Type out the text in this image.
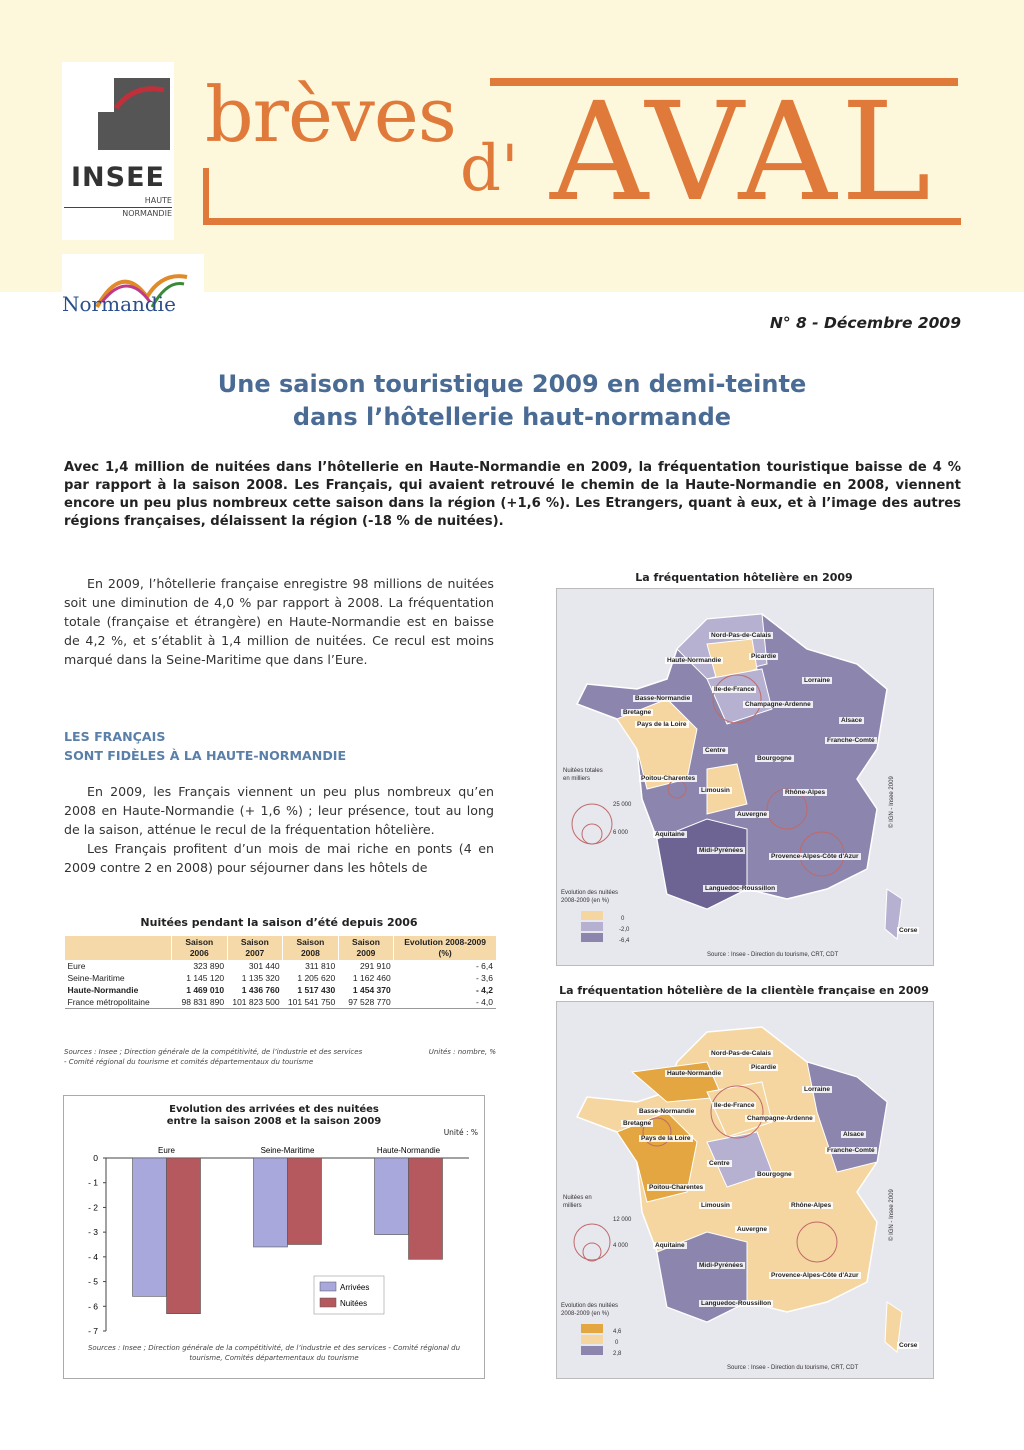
INSEE
HAUTE
NORMANDIE
Normandie
brèves
d' AVAL
N° 8 - Décembre 2009
Une saison touristique 2009 en demi-teinte
dans l’hôtellerie haut-normande
Avec 1,4 million de nuitées dans l’hôtellerie en Haute-Normandie en 2009, la fréquentation touristique baisse de 4 % par rapport à la saison 2008. Les Français, qui avaient retrouvé le chemin de la Haute-Normandie en 2008, viennent encore un peu plus nombreux cette saison dans la région (+1,6 %). Les Etrangers, quant à eux, et à l’image des autres régions françaises, délaissent la région (-18 % de nuitées).

En 2009, l’hôtellerie française enregistre 98 millions de nuitées soit une diminution de 4,0 % par rapport à 2008. La fréquentation totale (française et étrangère) en Haute-Normandie est en baisse de 4,2 %, et s’établit à 1,4 million de nuitées. Ce recul est moins marqué dans la Seine-Maritime que dans l’Eure.

LES FRANÇAIS
SONT FIDÈLES À LA HAUTE-NORMANDIE

En 2009, les Français viennent un peu plus nombreux qu’en 2008 en Haute-Normandie (+ 1,6 %) ; leur présence, tout au long de la saison, atténue le recul de la fréquentation hôtelière.

Les Français profitent d’un mois de mai riche en ponts (4 en 2009 contre 2 en 2008) pour séjourner dans les hôtels de

Nuitées pendant la saison d’été depuis 2006
	Saison 2006	Saison 2007	Saison 2008	Saison 2009	Evolution 2008-2009 (%)
Eure	323 890	301 440	311 810	291 910	- 6,4
Seine-Maritime	1 145 120	1 135 320	1 205 620	1 162 460	- 3,6
Haute-Normandie	1 469 010	1 436 760	1 517 430	1 454 370	- 4,2
France métropolitaine	98 831 890	101 823 500	101 541 750	97 528 770	- 4,0
Sources : Insee ; Direction générale de la compétitivité, de l’industrie et des services - Comité régional du tourisme et comités départementaux du tourisme
Unités : nombre, %
Evolution des arrivées et des nuitées entre la saison 2008 et la saison 2009
Unité : %
0
- 1
- 2
- 3
- 4
- 5
- 6
- 7
Eure	Seine-Maritime	Haute-Normandie
Arrivées
Nuitées
Sources : Insee ; Direction générale de la compétitivité, de l’industrie et des services - Comité régional du tourisme, Comités départementaux du tourisme
La fréquentation hôtelière en 2009
Nord-Pas-de-Calais
Haute-Normandie
Picardie
Lorraine
Ile-de-France
Basse-Normandie
Champagne-Ardenne
Bretagne
Alsace
Pays de la Loire
Franche-Comté
Centre
Bourgogne
Poitou-Charentes
Limousin	Rhône-Alpes
Auvergne
Aquitaine
Midi-Pyrénées
Provence-Alpes-Côte d'Azur
Languedoc-Roussillon
Corse
Nuitées totales en milliers
25 000
6 000
Evolution des nuitées 2008-2009 (en %)
0
-2,0
-6,4
Source : Insee - Direction du tourisme, CRT, CDT
© IGN - Insee 2009
La fréquentation hôtelière de la clientèle française en 2009
Nord-Pas-de-Calais
Haute-Normandie
Picardie
Lorraine
Basse-Normandie
Ile-de-France
Bretagne
Champagne-Ardenne
Alsace
Pays de la Loire
Franche-Comté
Centre
Bourgogne
Poitou-Charentes
Limousin	Rhône-Alpes
Auvergne
Aquitaine
Midi-Pyrénées
Provence-Alpes-Côte d'Azur
Languedoc-Roussillon
Corse
Nuitées en milliers
12 000
4 000
Evolution des nuitées 2008-2009 (en %)
4,6
0
2,8
Source : Insee - Direction du tourisme, CRT, CDT
© IGN - Insee 2009
